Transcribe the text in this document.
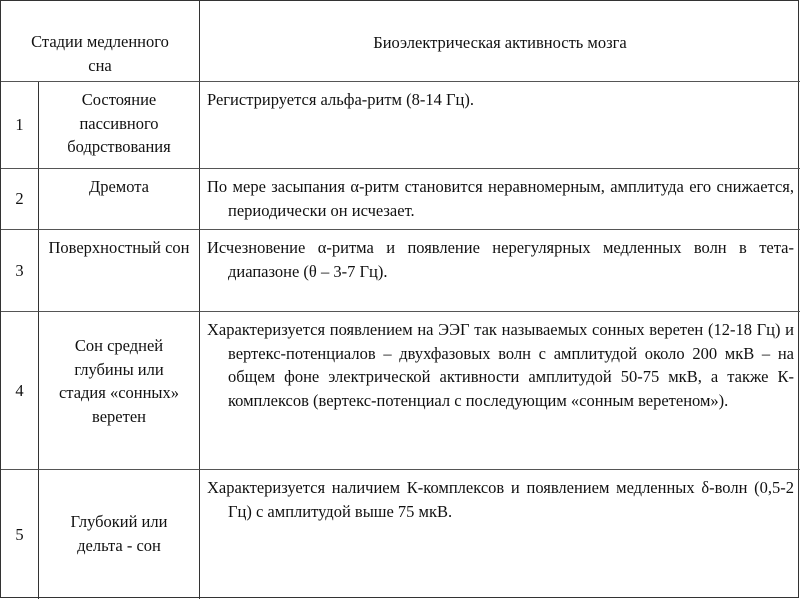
Стадии медленного сна
Биоэлектрическая активность мозга
1
Состояние пассивного бодрствования
Регистрируется альфа-ритм (8-14 Гц).
2
Дремота	По мере засыпания α-ритм становится неравномерным, амплитуда его снижается, периодически он исчезает.
3
Поверхностный сон	Исчезновение α-ритма и появление нерегулярных медленных волн в тета-диапазоне (θ – 3-7 Гц).
4
Сон средней глубины или стадия «сонных» веретен
Характеризуется появлением на ЭЭГ так называемых сонных веретен (12-18 Гц) и вертекс-потенциалов – двухфазовых волн с амплитудой около 200 мкВ – на общем фоне электрической активности амплитудой 50-75 мкВ, а также К-комплексов (вертекс-потенциал с последующим «сонным веретеном»).
5
Глубокий или дельта - сон
Характеризуется наличием К-комплексов и появлением медленных δ-волн (0,5-2 Гц) с амплитудой выше 75 мкВ.
